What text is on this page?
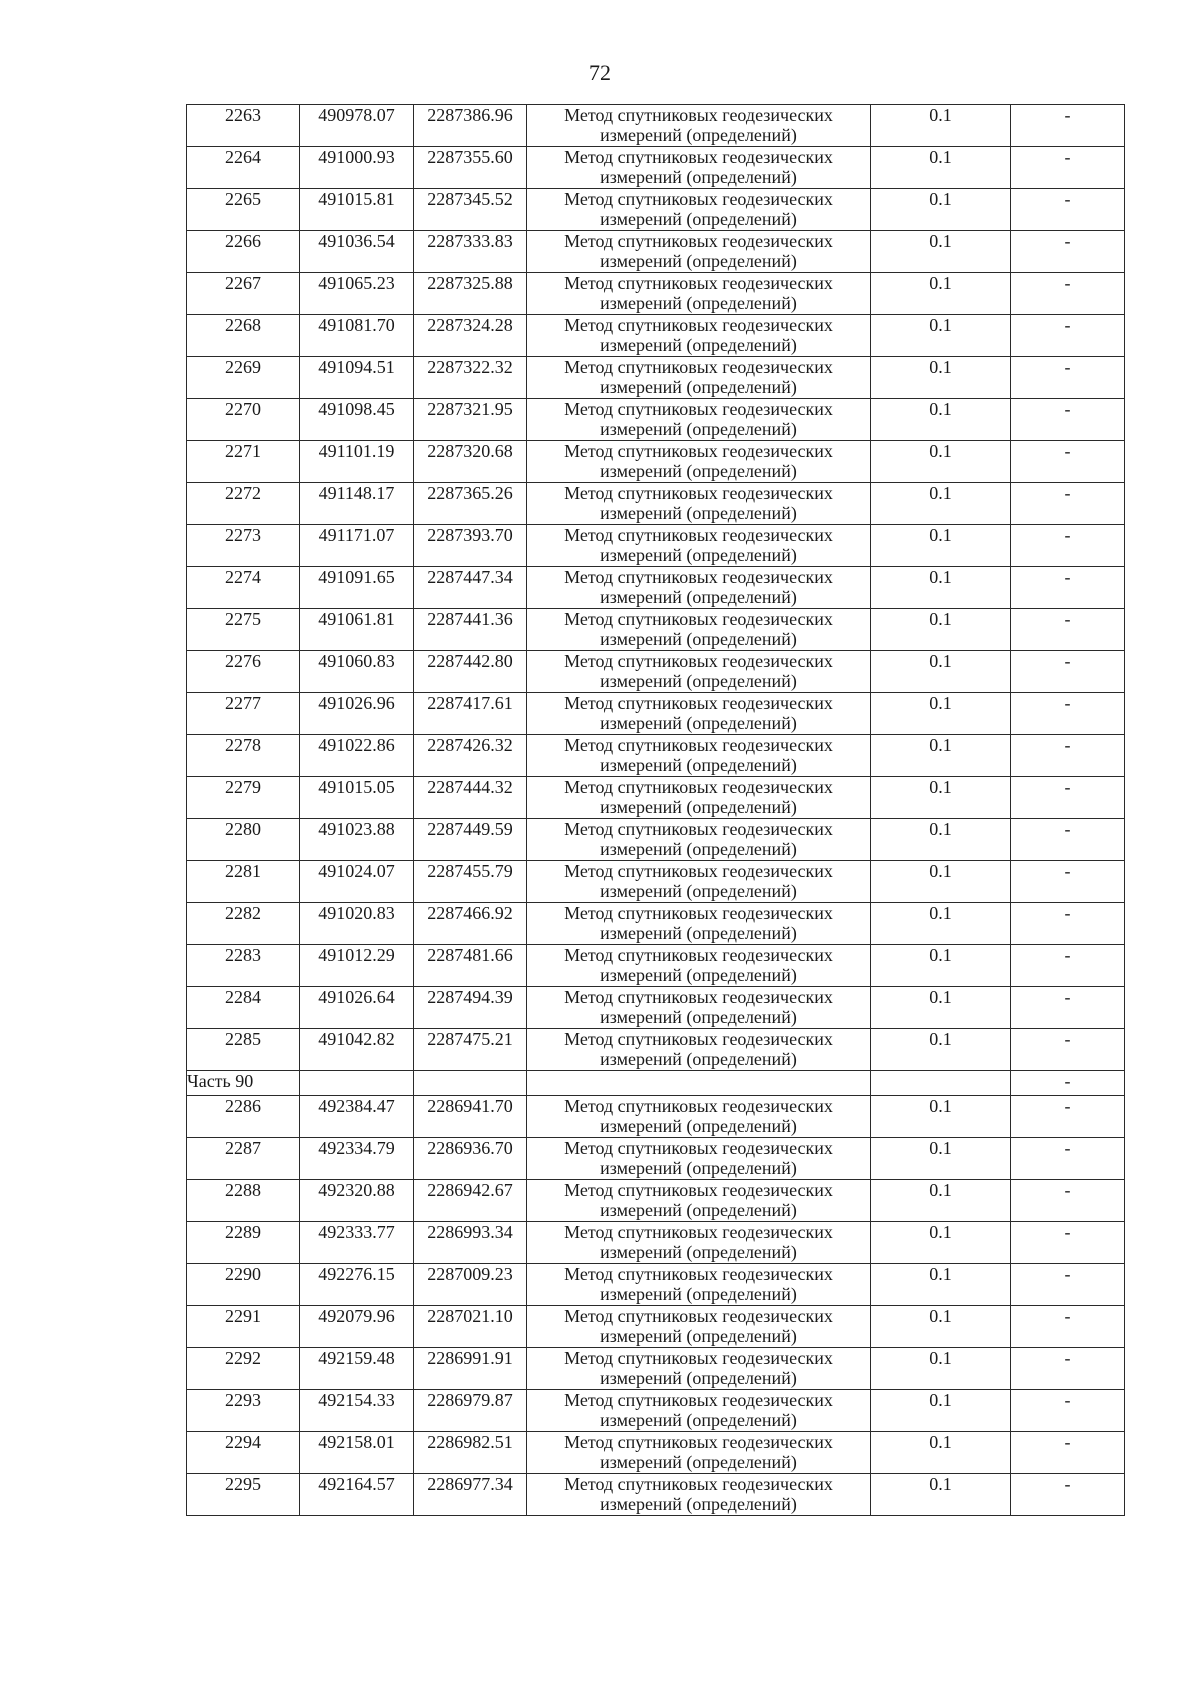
72
2263	490978.07	2287386.96	Метод спутниковых геодезических измерений (определений)	0.1	-
2264	491000.93	2287355.60	Метод спутниковых геодезических измерений (определений)	0.1	-
2265	491015.81	2287345.52	Метод спутниковых геодезических измерений (определений)	0.1	-
2266	491036.54	2287333.83	Метод спутниковых геодезических измерений (определений)	0.1	-
2267	491065.23	2287325.88	Метод спутниковых геодезических измерений (определений)	0.1	-
2268	491081.70	2287324.28	Метод спутниковых геодезических измерений (определений)	0.1	-
2269	491094.51	2287322.32	Метод спутниковых геодезических измерений (определений)	0.1	-
2270	491098.45	2287321.95	Метод спутниковых геодезических измерений (определений)	0.1	-
2271	491101.19	2287320.68	Метод спутниковых геодезических измерений (определений)	0.1	-
2272	491148.17	2287365.26	Метод спутниковых геодезических измерений (определений)	0.1	-
2273	491171.07	2287393.70	Метод спутниковых геодезических измерений (определений)	0.1	-
2274	491091.65	2287447.34	Метод спутниковых геодезических измерений (определений)	0.1	-
2275	491061.81	2287441.36	Метод спутниковых геодезических измерений (определений)	0.1	-
2276	491060.83	2287442.80	Метод спутниковых геодезических измерений (определений)	0.1	-
2277	491026.96	2287417.61	Метод спутниковых геодезических измерений (определений)	0.1	-
2278	491022.86	2287426.32	Метод спутниковых геодезических измерений (определений)	0.1	-
2279	491015.05	2287444.32	Метод спутниковых геодезических измерений (определений)	0.1	-
2280	491023.88	2287449.59	Метод спутниковых геодезических измерений (определений)	0.1	-
2281	491024.07	2287455.79	Метод спутниковых геодезических измерений (определений)	0.1	-
2282	491020.83	2287466.92	Метод спутниковых геодезических измерений (определений)	0.1	-
2283	491012.29	2287481.66	Метод спутниковых геодезических измерений (определений)	0.1	-
2284	491026.64	2287494.39	Метод спутниковых геодезических измерений (определений)	0.1	-
2285	491042.82	2287475.21	Метод спутниковых геодезических измерений (определений)	0.1	-
Часть 90					-
2286	492384.47	2286941.70	Метод спутниковых геодезических измерений (определений)	0.1	-
2287	492334.79	2286936.70	Метод спутниковых геодезических измерений (определений)	0.1	-
2288	492320.88	2286942.67	Метод спутниковых геодезических измерений (определений)	0.1	-
2289	492333.77	2286993.34	Метод спутниковых геодезических измерений (определений)	0.1	-
2290	492276.15	2287009.23	Метод спутниковых геодезических измерений (определений)	0.1	-
2291	492079.96	2287021.10	Метод спутниковых геодезических измерений (определений)	0.1	-
2292	492159.48	2286991.91	Метод спутниковых геодезических измерений (определений)	0.1	-
2293	492154.33	2286979.87	Метод спутниковых геодезических измерений (определений)	0.1	-
2294	492158.01	2286982.51	Метод спутниковых геодезических измерений (определений)	0.1	-
2295	492164.57	2286977.34	Метод спутниковых геодезических измерений (определений)	0.1	-
